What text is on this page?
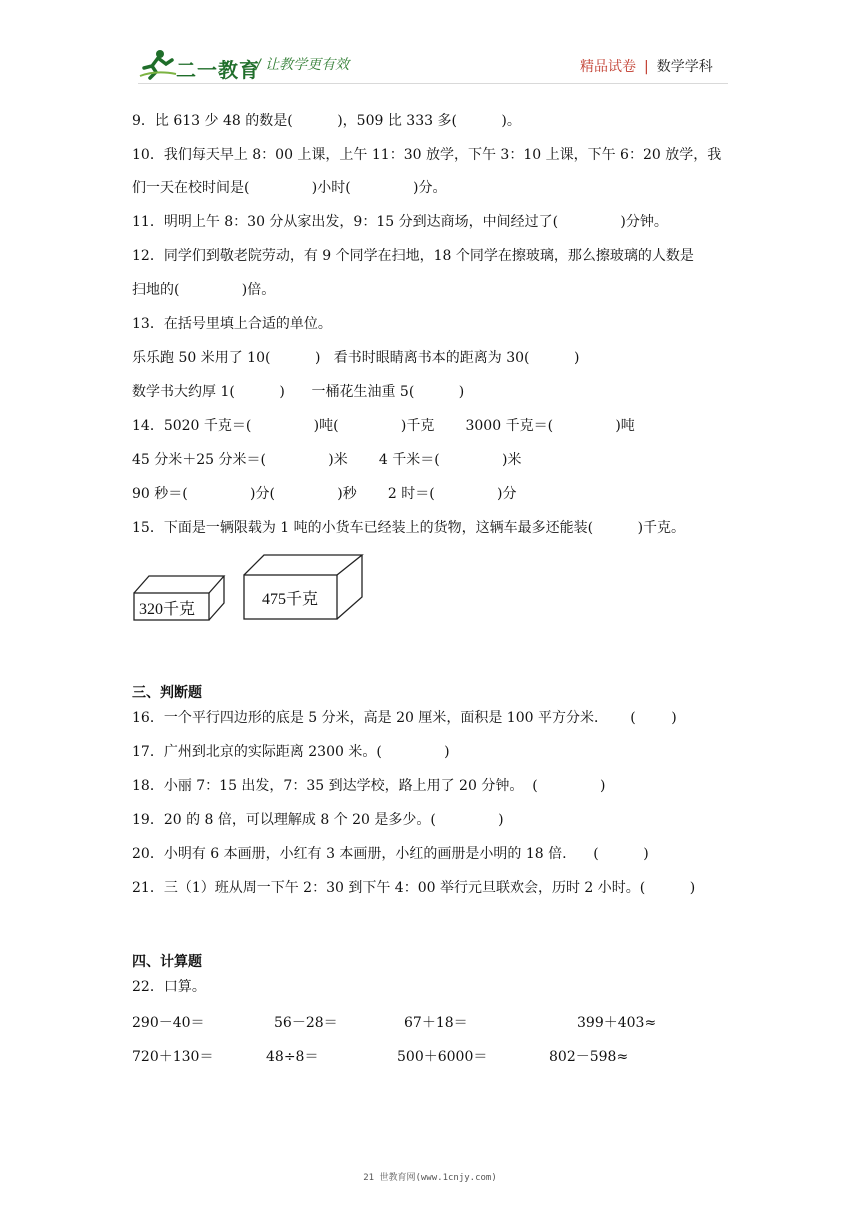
二一教育
/ 让教学更有效	精品试卷 | 数学学科
9．比 613 少 48 的数是(          )，509 比 333 多(          )。
10．我们每天早上 8：00 上课，上午 11：30 放学，下午 3：10 上课，下午 6：20 放学，我
们一天在校时间是(              )小时(              )分。
11．明明上午 8：30 分从家出发，9：15 分到达商场，中间经过了(              )分钟。
12．同学们到敬老院劳动，有 9 个同学在扫地，18 个同学在擦玻璃，那么擦玻璃的人数是
扫地的(              )倍。
13．在括号里填上合适的单位。
乐乐跑 50 米用了 10(          )   看书时眼睛离书本的距离为 30(          )
数学书大约厚 1(          )      一桶花生油重 5(          )
14．5020 千克＝(              )吨(              )千克       3000 千克＝(              )吨
45 分米＋25 分米＝(              )米       4 千米＝(              )米
90 秒＝(              )分(              )秒       2 时＝(              )分
15．下面是一辆限载为 1 吨的小货车已经装上的货物，这辆车最多还能装(          )千克。
320千克
475千克
三、判断题
16．一个平行四边形的底是 5 分米，高是 20 厘米，面积是 100 平方分米．     (        )
17．广州到北京的实际距离 2300 米。(              )
18．小丽 7：15 出发，7：35 到达学校，路上用了 20 分钟。  (              )
19．20 的 8 倍，可以理解成 8 个 20 是多少。(              )
20．小明有 6 本画册，小红有 3 本画册，小红的画册是小明的 18 倍.      (          )
21．三（1）班从周一下午 2：30 到下午 4：00 举行元旦联欢会，历时 2 小时。(          )
四、计算题
22．口算。
290－40＝	56－28＝	67＋18＝	399＋403≈
720＋130＝	48÷8＝	500＋6000＝	802－598≈
21 世教育网(www.1cnjy.com)
